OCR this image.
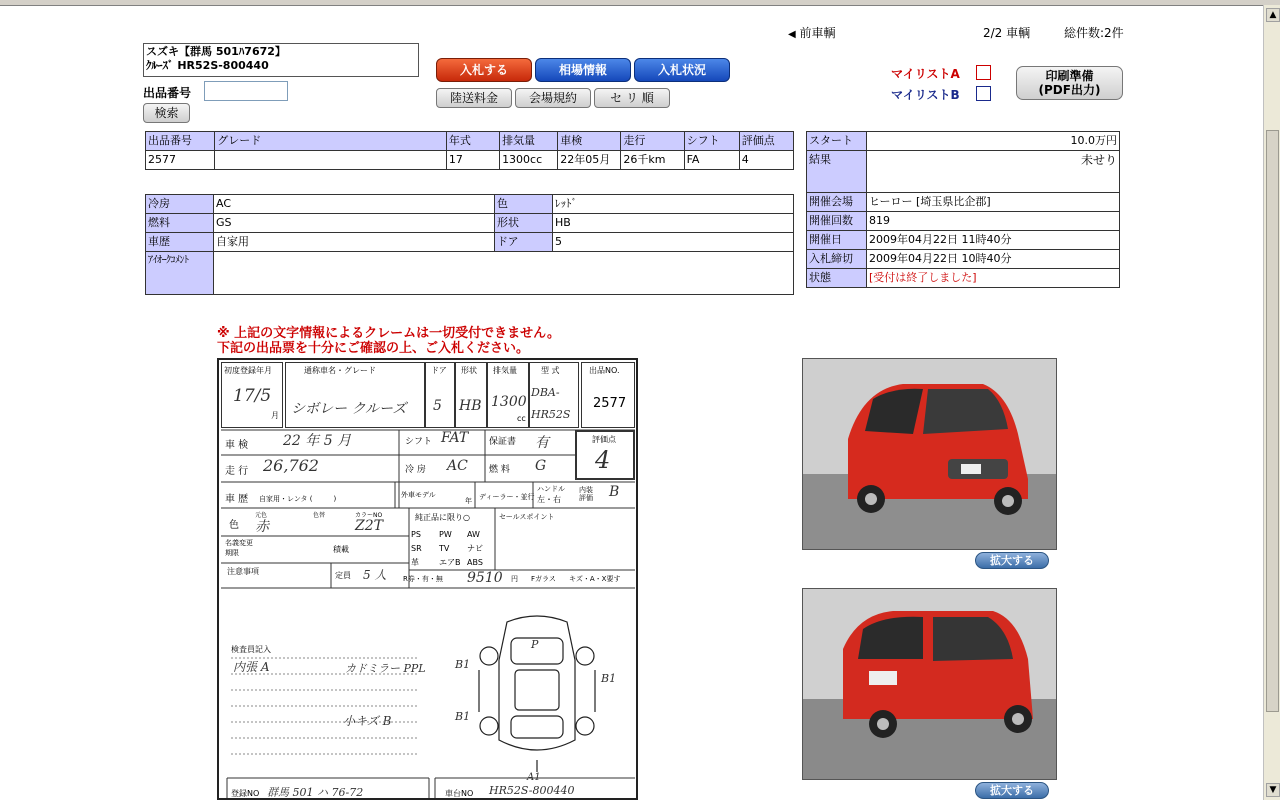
◀ 前車輌	2/2 車輌	総件数:2件
スズキ【群馬 501ﾊ7672】
ｸﾙｰｽﾞ HR52S-800440
出品番号
検索
入札する	相場情報	入札状況
陸送料金	会場規約	セ リ 順
マイリストA
マイリストB
印刷準備
(PDF出力)
出品番号	グレード	年式	排気量	車検	走行	シフト	評価点
2577		17	1300cc	22年05月	26千km	FA	4
冷房	AC	色	ﾚｯﾄﾞ
燃料	GS	形状	HB
車歴	自家用	ドア	5
ｱｲｵｰｸｺﾒﾝﾄ			
スタート	10.0万円
結果	未せり
開催会場	ヒーロー [埼玉県比企郡]
開催回数	819
開催日	2009年04月22日 11時40分
入札締切	2009年04月22日 10時40分
状態	[受付は終了しました]
※ 上記の文字情報によるクレームは一切受付できません。
下記の出品票を十分にご確認の上、ご入札ください。
初度登録年月
17/5
月
通称車名・グレード
シボレー クルーズ
ドア
5
形状
HB
排気量
1300
cc
型 式
DBA-
HR52S
出品NO.
2577
車 検 22 年 5 月	シフト FAT 保証書 有	評価点
4
走 行 26,762	冷 房 AC 燃 料 G
車 歴 自家用・レンタ (　　　)	外車モデル
年 ディーラー・並行
ハンドル
左・右
内装評価 B
色
元色	色替	カラーNO
赤	Z2T
純正品に限り○	セールスポイント
PS	PW	AW
SR	TV	ナビ
革	エアB ABS
名義変更期限	積載
注意事項	定員 5 人 R券・有・無 9510 円 Fガラス キズ・A・X要す
検査員記入
内張 A	カドミラー PPL
小キズ B
登録NO 群馬 501 ハ 76-72	車台NO HR52S-800440
P
B1
B1
B1
A1
拡大する
拡大する
▲
▼
